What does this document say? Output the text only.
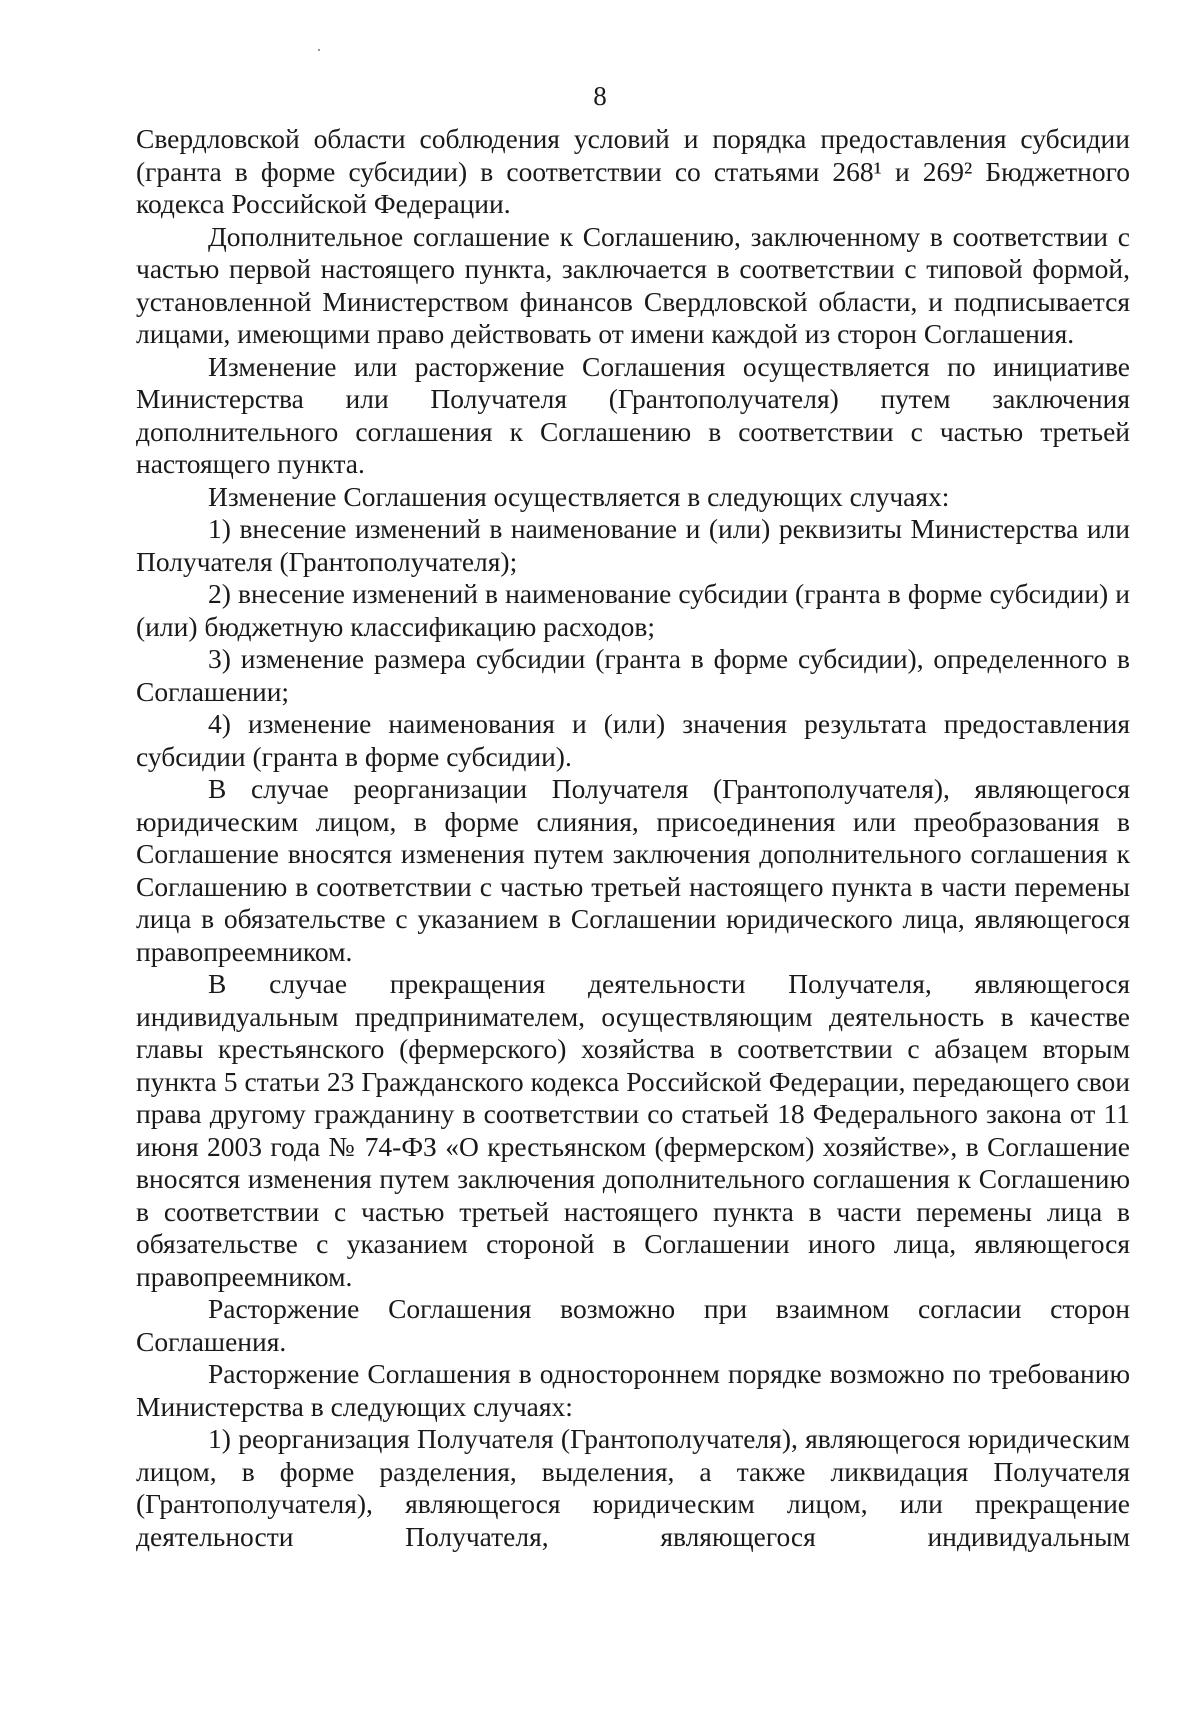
8

Свердловской области соблюдения условий и порядка предоставления субсидии (гранта в форме субсидии) в соответствии со статьями 268¹ и 269² Бюджетного кодекса Российской Федерации.

Дополнительное соглашение к Соглашению, заключенному в соответствии с частью первой настоящего пункта, заключается в соответствии с типовой формой, установленной Министерством финансов Свердловской области, и подписывается лицами, имеющими право действовать от имени каждой из сторон Соглашения.

Изменение или расторжение Соглашения осуществляется по инициативе Министерства или Получателя (Грантополучателя) путем заключения дополнительного соглашения к Соглашению в соответствии с частью третьей настоящего пункта.

Изменение Соглашения осуществляется в следующих случаях:

1) внесение изменений в наименование и (или) реквизиты Министерства или Получателя (Грантополучателя);

2) внесение изменений в наименование субсидии (гранта в форме субсидии) и (или) бюджетную классификацию расходов;

3) изменение размера субсидии (гранта в форме субсидии), определенного в Соглашении;

4) изменение наименования и (или) значения результата предоставления субсидии (гранта в форме субсидии).

В случае реорганизации Получателя (Грантополучателя), являющегося юридическим лицом, в форме слияния, присоединения или преобразования в Соглашение вносятся изменения путем заключения дополнительного соглашения к Соглашению в соответствии с частью третьей настоящего пункта в части перемены лица в обязательстве с указанием в Соглашении юридического лица, являющегося правопреемником.

В случае прекращения деятельности Получателя, являющегося индивидуальным предпринимателем, осуществляющим деятельность в качестве главы крестьянского (фермерского) хозяйства в соответствии с абзацем вторым пункта 5 статьи 23 Гражданского кодекса Российской Федерации, передающего свои права другому гражданину в соответствии со статьей 18 Федерального закона от 11 июня 2003 года № 74-ФЗ «О крестьянском (фермерском) хозяйстве», в Соглашение вносятся изменения путем заключения дополнительного соглашения к Соглашению в соответствии с частью третьей настоящего пункта в части перемены лица в обязательстве с указанием стороной в Соглашении иного лица, являющегося правопреемником.

Расторжение Соглашения возможно при взаимном согласии сторон Соглашения.

Расторжение Соглашения в одностороннем порядке возможно по требованию Министерства в следующих случаях:

1) реорганизация Получателя (Грантополучателя), являющегося юридическим лицом, в форме разделения, выделения, а также ликвидация Получателя (Грантополучателя), являющегося юридическим лицом, или прекращение деятельности Получателя, являющегося индивидуальным
